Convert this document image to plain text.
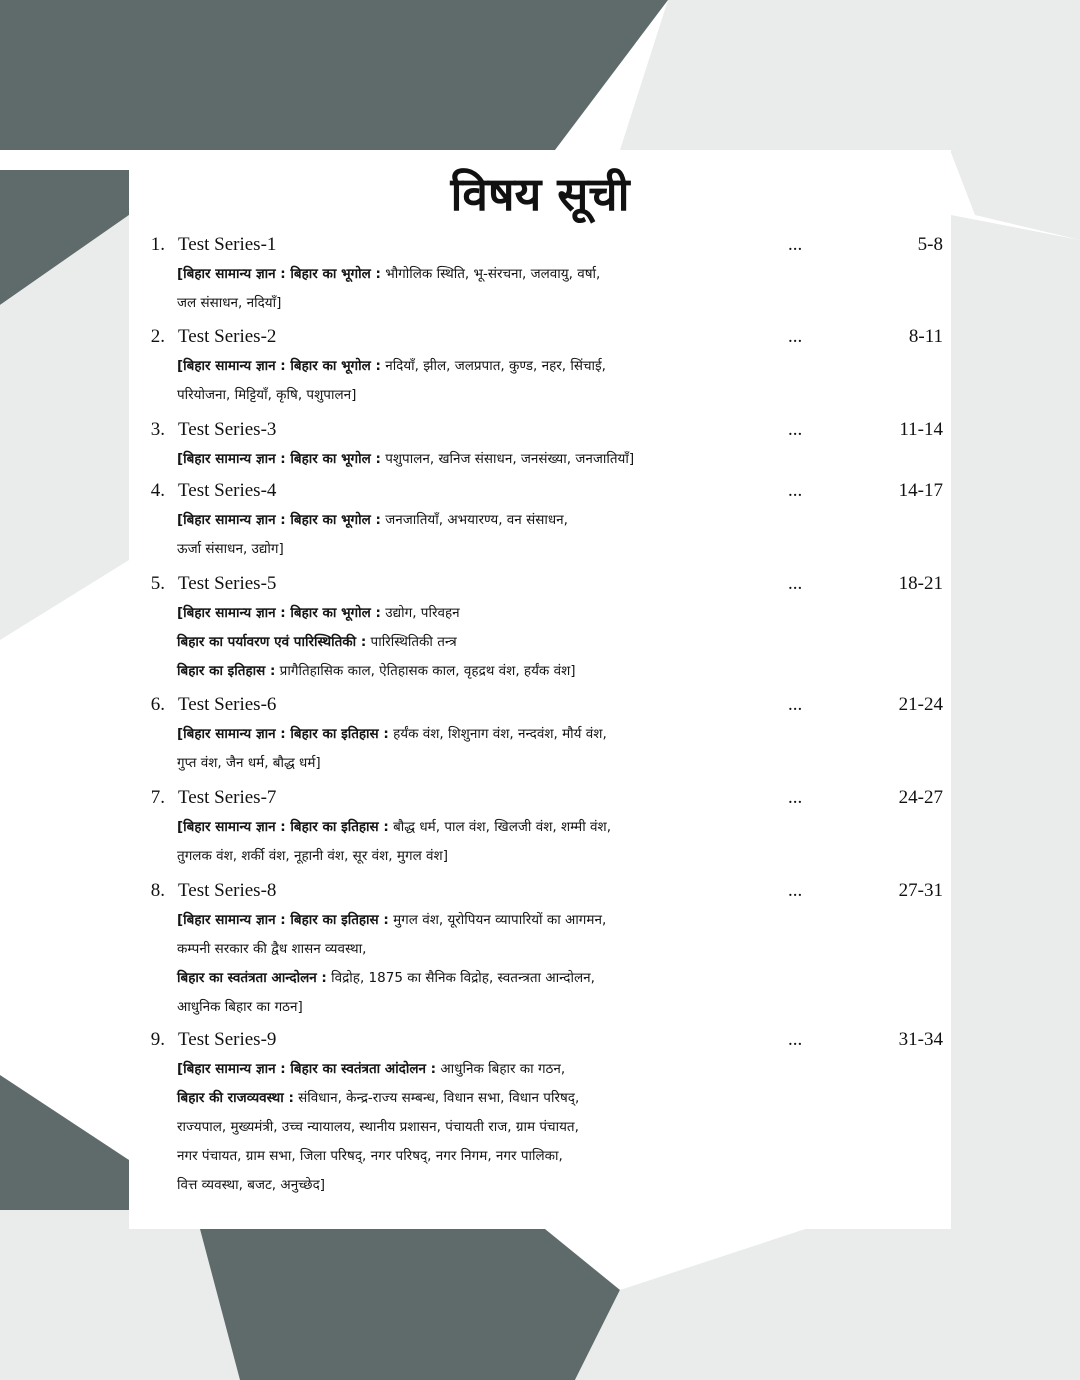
विषय सूची
1. Test Series-1	...	5-8
[बिहार सामान्य ज्ञान : बिहार का भूगोल : भौगोलिक स्थिति, भू-संरचना, जलवायु, वर्षा,
जल संसाधन, नदियाँ]
2. Test Series-2	...	8-11
[बिहार सामान्य ज्ञान : बिहार का भूगोल : नदियाँ, झील, जलप्रपात, कुण्ड, नहर, सिंचाई,
परियोजना, मिट्टियाँ, कृषि, पशुपालन]
3. Test Series-3	...	11-14
[बिहार सामान्य ज्ञान : बिहार का भूगोल : पशुपालन, खनिज संसाधन, जनसंख्या, जनजातियाँ]
4. Test Series-4	...	14-17
[बिहार सामान्य ज्ञान : बिहार का भूगोल : जनजातियाँ, अभयारण्य, वन संसाधन,
ऊर्जा संसाधन, उद्योग]
5. Test Series-5	...	18-21
[बिहार सामान्य ज्ञान : बिहार का भूगोल : उद्योग, परिवहन
बिहार का पर्यावरण एवं पारिस्थितिकी : पारिस्थितिकी तन्त्र
बिहार का इतिहास : प्रागैतिहासिक काल, ऐतिहासक काल, वृहद्रथ वंश, हर्यंक वंश]
6. Test Series-6	...	21-24
[बिहार सामान्य ज्ञान : बिहार का इतिहास : हर्यंक वंश, शिशुनाग वंश, नन्दवंश, मौर्य वंश,
गुप्त वंश, जैन धर्म, बौद्ध धर्म]
7. Test Series-7	...	24-27
[बिहार सामान्य ज्ञान : बिहार का इतिहास : बौद्ध धर्म, पाल वंश, खिलजी वंश, शम्मी वंश,
तुगलक वंश, शर्की वंश, नूहानी वंश, सूर वंश, मुगल वंश]
8. Test Series-8	...	27-31
[बिहार सामान्य ज्ञान : बिहार का इतिहास : मुगल वंश, यूरोपियन व्यापारियों का आगमन,
कम्पनी सरकार की द्वैध शासन व्यवस्था,
बिहार का स्वतंत्रता आन्दोलन : विद्रोह, 1875 का सैनिक विद्रोह, स्वतन्त्रता आन्दोलन,
आधुनिक बिहार का गठन]
9. Test Series-9	...	31-34
[बिहार सामान्य ज्ञान : बिहार का स्वतंत्रता आंदोलन : आधुनिक बिहार का गठन,
बिहार की राजव्यवस्था : संविधान, केन्द्र-राज्य सम्बन्ध, विधान सभा, विधान परिषद्,
राज्यपाल, मुख्यमंत्री, उच्च न्यायालय, स्थानीय प्रशासन, पंचायती राज, ग्राम पंचायत,
नगर पंचायत, ग्राम सभा, जिला परिषद्, नगर परिषद्, नगर निगम, नगर पालिका,
वित्त व्यवस्था, बजट, अनुच्छेद]
